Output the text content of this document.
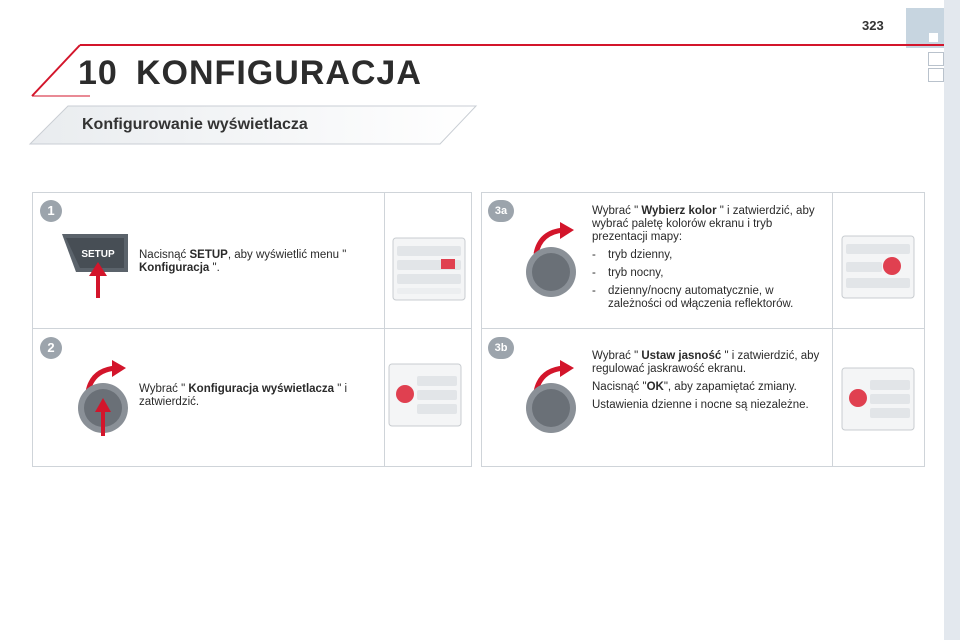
323
10 KONFIGURACJA
Konfigurowanie wyświetlacza
1
SETUP Nacisnąć SETUP, aby wyświetlić menu " Konfiguracja ".
2
Wybrać " Konfiguracja wyświetlacza " i zatwierdzić.
3a	Wybrać " Wybierz kolor " i zatwierdzić, aby wybrać paletę kolorów ekranu i tryb prezentacji mapy:

- tryb dzienny,
- tryb nocny,
- dzienny/nocny automatycznie, w zależności od włączenia reflektorów.
3b

Wybrać " Ustaw jasność " i zatwierdzić, aby regulować jaskrawość ekranu.

Nacisnąć "OK", aby zapamiętać zmiany.

Ustawienia dzienne i nocne są niezależne.
